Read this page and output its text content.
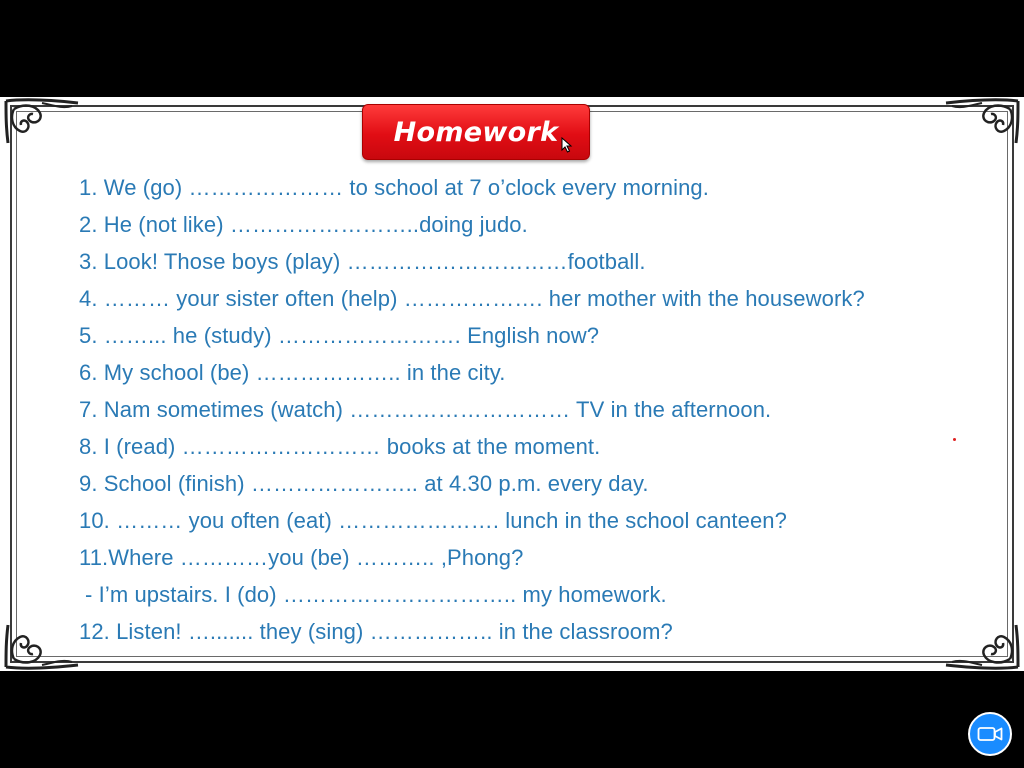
Homework
1. We (go) ………………… to school at 7 o’clock every morning.
2. He (not like) ……………………..doing judo.
3. Look! Those boys (play) …………………………football.
4. ……… your sister often (help) ………………. her mother with the housework?
5. ……... he (study) ……………………. English now?
6. My school (be) ……………….. in the city.
7. Nam sometimes (watch) ………………………… TV in the afternoon.
8. I (read) ……………………… books at the moment.
9. School (finish) ………………….. at 4.30 p.m. every day.
10. ……… you often (eat) …………………. lunch in the school canteen?
11.Where …………you (be) ……….. ,Phong?
- I’m upstairs. I (do) ………………………….. my homework.
12. Listen! …....... they (sing) …………….. in the classroom?
